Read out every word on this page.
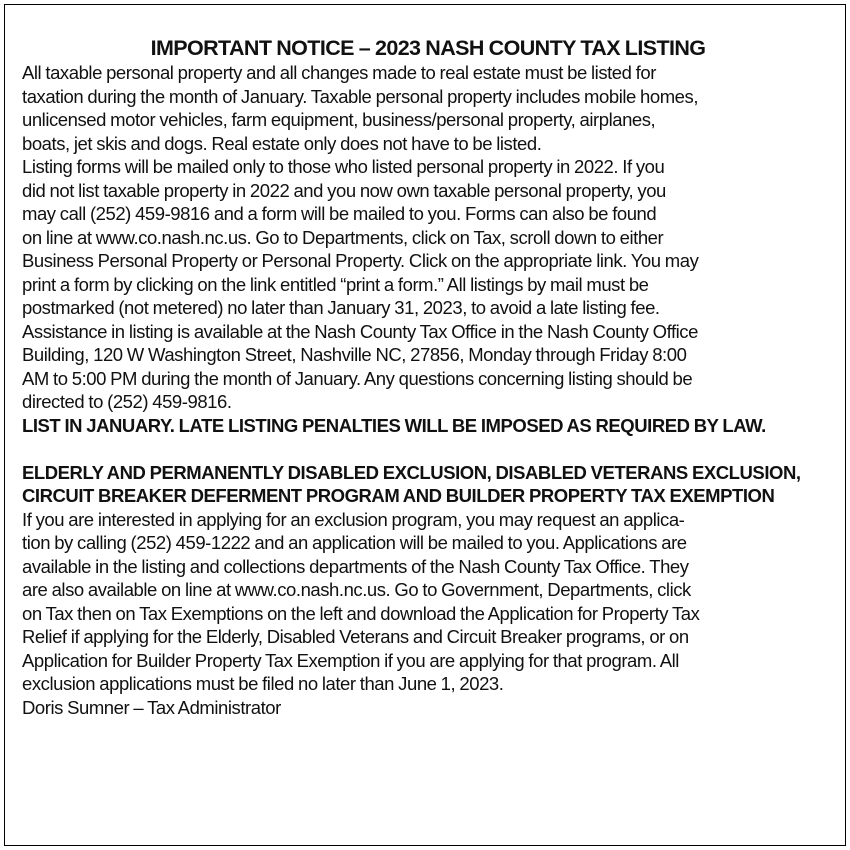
IMPORTANT NOTICE – 2023 NASH COUNTY TAX LISTING
All taxable personal property and all changes made to real estate must be listed for
taxation during the month of January. Taxable personal property includes mobile homes,
unlicensed motor vehicles, farm equipment, business/personal property, airplanes,
boats, jet skis and dogs. Real estate only does not have to be listed.
Listing forms will be mailed only to those who listed personal property in 2022. If you
did not list taxable property in 2022 and you now own taxable personal property, you
may call (252) 459-9816 and a form will be mailed to you. Forms can also be found
on line at www.co.nash.nc.us. Go to Departments, click on Tax, scroll down to either
Business Personal Property or Personal Property. Click on the appropriate link. You may
print a form by clicking on the link entitled “print a form.” All listings by mail must be
postmarked (not metered) no later than January 31, 2023, to avoid a late listing fee.
Assistance in listing is available at the Nash County Tax Office in the Nash County Office
Building, 120 W Washington Street, Nashville NC, 27856, Monday through Friday 8:00
AM to 5:00 PM during the month of January. Any questions concerning listing should be
directed to (252) 459-9816.
LIST IN JANUARY. LATE LISTING PENALTIES WILL BE IMPOSED AS REQUIRED BY LAW.
ELDERLY AND PERMANENTLY DISABLED EXCLUSION, DISABLED VETERANS EXCLUSION,
CIRCUIT BREAKER DEFERMENT PROGRAM AND BUILDER PROPERTY TAX EXEMPTION
If you are interested in applying for an exclusion program, you may request an applica-
tion by calling (252) 459-1222 and an application will be mailed to you. Applications are
available in the listing and collections departments of the Nash County Tax Office. They
are also available on line at www.co.nash.nc.us. Go to Government, Departments, click
on Tax then on Tax Exemptions on the left and download the Application for Property Tax
Relief if applying for the Elderly, Disabled Veterans and Circuit Breaker programs, or on
Application for Builder Property Tax Exemption if you are applying for that program. All
exclusion applications must be filed no later than June 1, 2023.
Doris Sumner – Tax Administrator
